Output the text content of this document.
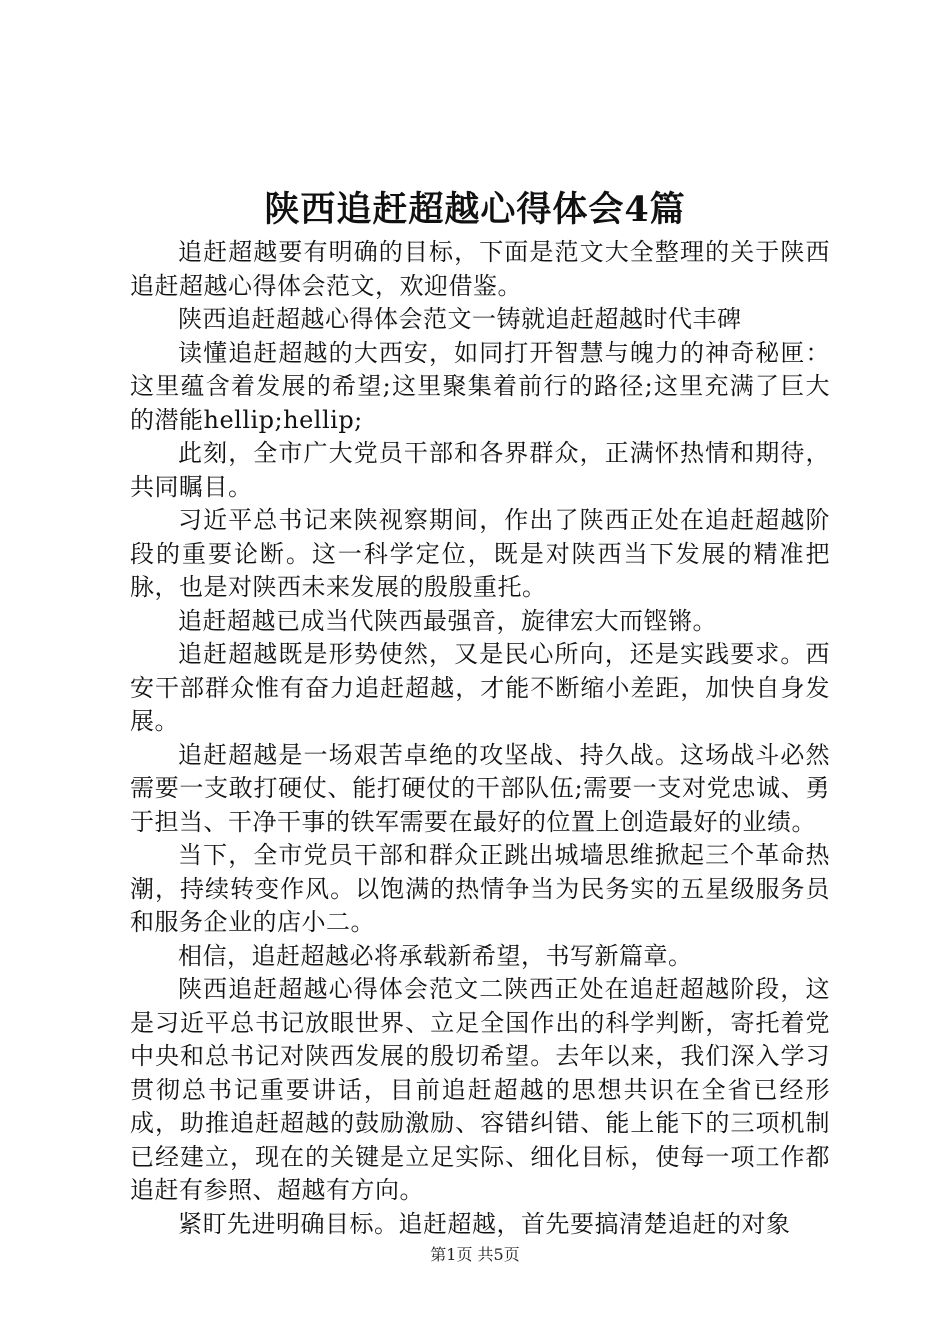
陕西追赶超越心得体会4篇

追赶超越要有明确的目标，下面是范文大全整理的关于陕西追赶超越心得体会范文，欢迎借鉴。

陕西追赶超越心得体会范文一铸就追赶超越时代丰碑

读懂追赶超越的大西安，如同打开智慧与魄力的神奇秘匣：这里蕴含着发展的希望;这里聚集着前行的路径;这里充满了巨大的潜能hellip;hellip;

此刻，全市广大党员干部和各界群众，正满怀热情和期待，共同瞩目。

习近平总书记来陕视察期间，作出了陕西正处在追赶超越阶段的重要论断。这一科学定位，既是对陕西当下发展的精准把脉，也是对陕西未来发展的殷殷重托。

追赶超越已成当代陕西最强音，旋律宏大而铿锵。

追赶超越既是形势使然，又是民心所向，还是实践要求。西安干部群众惟有奋力追赶超越，才能不断缩小差距，加快自身发展。

追赶超越是一场艰苦卓绝的攻坚战、持久战。这场战斗必然需要一支敢打硬仗、能打硬仗的干部队伍;需要一支对党忠诚、勇于担当、干净干事的铁军需要在最好的位置上创造最好的业绩。

当下，全市党员干部和群众正跳出城墙思维掀起三个革命热潮，持续转变作风。以饱满的热情争当为民务实的五星级服务员和服务企业的店小二。

相信，追赶超越必将承载新希望，书写新篇章。

陕西追赶超越心得体会范文二陕西正处在追赶超越阶段，这是习近平总书记放眼世界、立足全国作出的科学判断，寄托着党中央和总书记对陕西发展的殷切希望。去年以来，我们深入学习贯彻总书记重要讲话，目前追赶超越的思想共识在全省已经形成，助推追赶超越的鼓励激励、容错纠错、能上能下的三项机制已经建立，现在的关键是立足实际、细化目标，使每一项工作都追赶有参照、超越有方向。

紧盯先进明确目标。追赶超越，首先要搞清楚追赶的对象

第1页 共5页
